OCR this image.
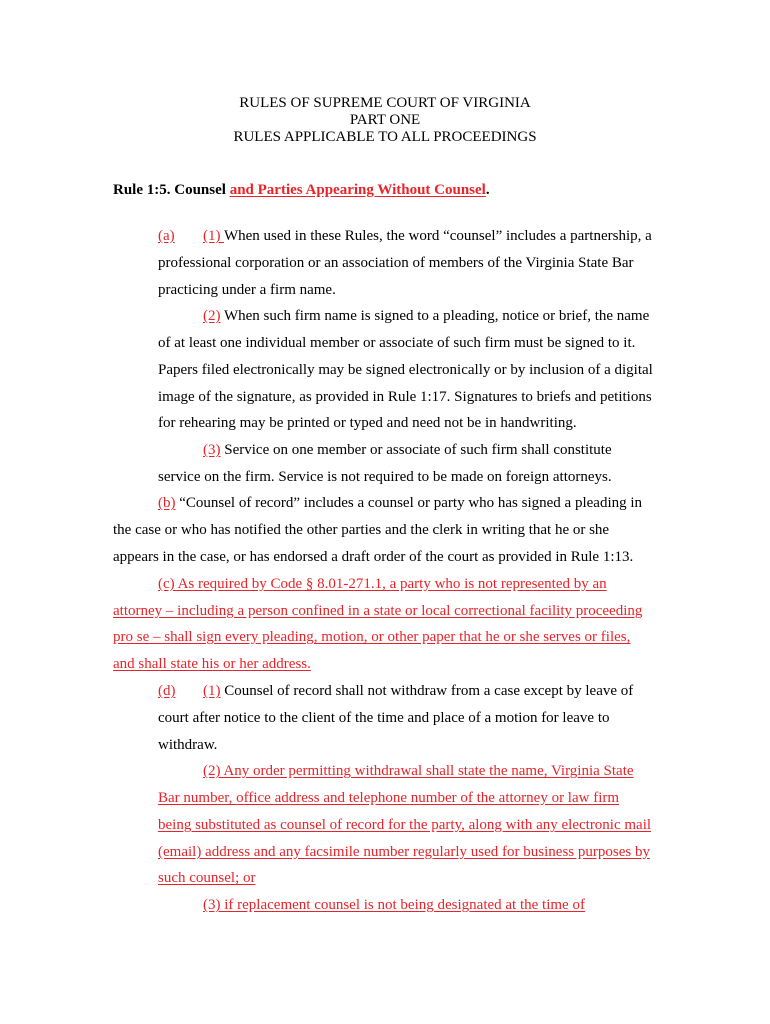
RULES OF SUPREME COURT OF VIRGINIA
PART ONE
RULES APPLICABLE TO ALL PROCEEDINGS
Rule 1:5. Counsel and Parties Appearing Without Counsel.
(a) (1) When used in these Rules, the word “counsel” includes a partnership, a
professional corporation or an association of members of the Virginia State Bar
practicing under a firm name.
(2) When such firm name is signed to a pleading, notice or brief, the name
of at least one individual member or associate of such firm must be signed to it.
Papers filed electronically may be signed electronically or by inclusion of a digital
image of the signature, as provided in Rule 1:17. Signatures to briefs and petitions
for rehearing may be printed or typed and need not be in handwriting.
(3) Service on one member or associate of such firm shall constitute
service on the firm. Service is not required to be made on foreign attorneys.
(b) “Counsel of record” includes a counsel or party who has signed a pleading in
the case or who has notified the other parties and the clerk in writing that he or she
appears in the case, or has endorsed a draft order of the court as provided in Rule 1:13.
(c) As required by Code § 8.01-271.1, a party who is not represented by an
attorney – including a person confined in a state or local correctional facility proceeding
pro se – shall sign every pleading, motion, or other paper that he or she serves or files,
and shall state his or her address.
(d) (1) Counsel of record shall not withdraw from a case except by leave of
court after notice to the client of the time and place of a motion for leave to
withdraw.
(2) Any order permitting withdrawal shall state the name, Virginia State
Bar number, office address and telephone number of the attorney or law firm
being substituted as counsel of record for the party, along with any electronic mail
(email) address and any facsimile number regularly used for business purposes by
such counsel; or
(3) if replacement counsel is not being designated at the time of
